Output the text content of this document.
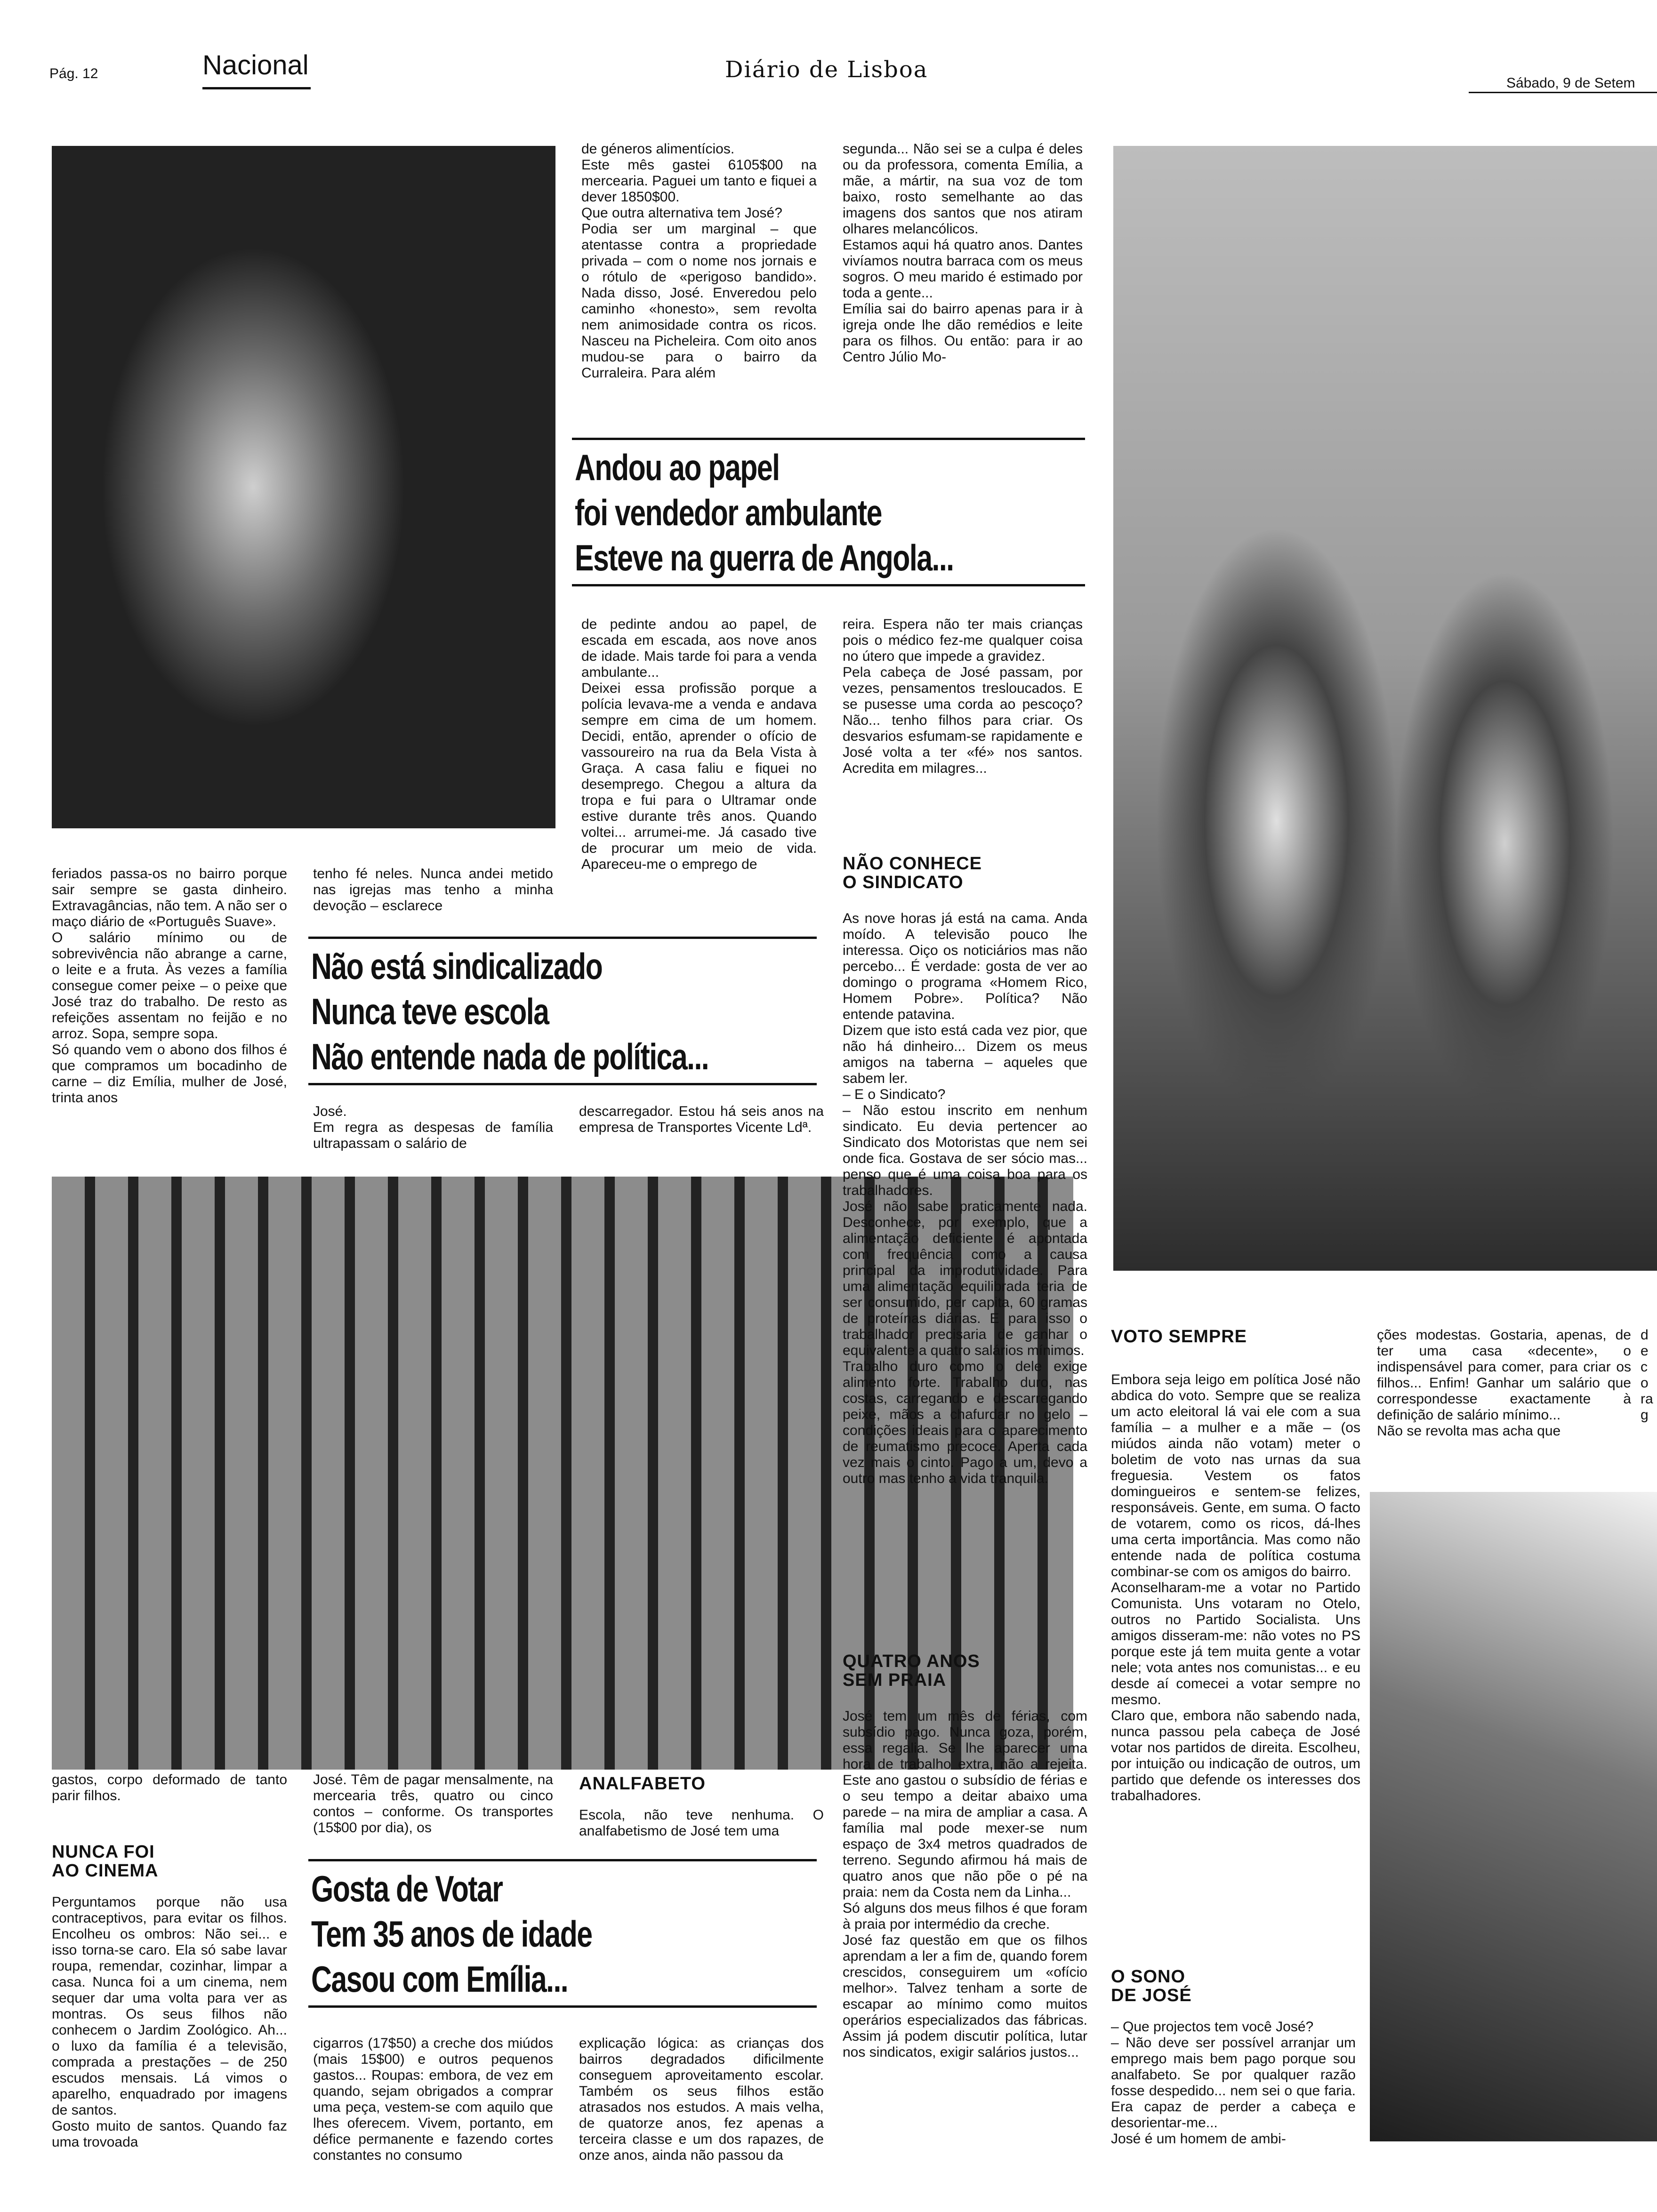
Pág. 12	Nacional	Diário de Lisboa
Sábado, 9 de Setem

de géneros alimentícios.
Este mês gastei 6105$00 na mercearia. Paguei um tanto e fiquei a dever 1850$00.
Que outra alternativa tem José?
Podia ser um marginal – que atentasse contra a propriedade privada – com o nome nos jornais e o rótulo de «perigoso bandido». Nada disso, José. Enveredou pelo caminho «honesto», sem revolta nem animosidade contra os ricos. Nasceu na Picheleira. Com oito anos mudou-se para o bairro da Curraleira. Para além

segunda... Não sei se a culpa é deles ou da professora, comenta Emília, a mãe, a mártir, na sua voz de tom baixo, rosto semelhante ao das imagens dos santos que nos atiram olhares melancólicos.
Estamos aqui há quatro anos. Dantes vivíamos noutra barraca com os meus sogros. O meu marido é estimado por toda a gente...
Emília sai do bairro apenas para ir à igreja onde lhe dão remédios e leite para os filhos. Ou então: para ir ao Centro Júlio Mo-

Andou ao papel
foi vendedor ambulante
Esteve na guerra de Angola...

de pedinte andou ao papel, de escada em escada, aos nove anos de idade. Mais tarde foi para a venda ambulante...
Deixei essa profissão porque a polícia levava-me a venda e andava sempre em cima de um homem. Decidi, então, aprender o ofício de vassoureiro na rua da Bela Vista à Graça. A casa faliu e fiquei no desemprego. Chegou a altura da tropa e fui para o Ultramar onde estive durante três anos. Quando voltei... arrumei-me. Já casado tive de procurar um meio de vida. Apareceu-me o emprego de

reira. Espera não ter mais crianças pois o médico fez-me qualquer coisa no útero que impede a gravidez.
Pela cabeça de José passam, por vezes, pensamentos tresloucados. E se pusesse uma corda ao pescoço? Não... tenho filhos para criar. Os desvarios esfumam-se rapidamente e José volta a ter «fé» nos santos. Acredita em milagres...

feriados passa-os no bairro porque sair sempre se gasta dinheiro. Extravagâncias, não tem. A não ser o maço diário de «Português Suave».
O salário mínimo ou de sobrevivência não abrange a carne, o leite e a fruta. Às vezes a família consegue comer peixe – o peixe que José traz do trabalho. De resto as refeições assentam no feijão e no arroz. Sopa, sempre sopa.
Só quando vem o abono dos filhos é que compramos um bocadinho de carne – diz Emília, mulher de José, trinta anos

tenho fé neles. Nunca andei metido nas igrejas mas tenho a minha devoção – esclarece

Não está sindicalizado
Nunca teve escola
Não entende nada de política...

José.
Em regra as despesas de família ultrapassam o salário de

descarregador. Estou há seis anos na empresa de Transportes Vicente Ldª.

NÃO CONHECE
O SINDICATO

As nove horas já está na cama. Anda moído. A televisão pouco lhe interessa. Oiço os noticiários mas não percebo... É verdade: gosta de ver ao domingo o programa «Homem Rico, Homem Pobre». Política? Não entende patavina.
Dizem que isto está cada vez pior, que não há dinheiro... Dizem os meus amigos na taberna – aqueles que sabem ler.
– E o Sindicato?
– Não estou inscrito em nenhum sindicato. Eu devia pertencer ao Sindicato dos Motoristas que nem sei onde fica. Gostava de ser sócio mas... penso que é uma coisa boa para os trabalhadores.
José não sabe praticamente nada. Desconhece, por exemplo, que a alimentação deficiente é apontada com frequência como a causa principal da improdutividade. Para uma alimentação equilibrada teria de ser consumido, per capita, 60 gramas de proteínas diárias. E para isso o trabalhador precisaria de ganhar o equivalente a quatro salários mínimos.
Trabalho duro como o dele exige alimento forte. Trabalho duro, nas costas, carregando e descarregando peixe, mãos a chafurdar no gelo – condições ideais para o aparecimento de reumatismo precoce. Aperta cada vez mais o cinto. Pago a um, devo a outro mas tenho a vida tranquila.

QUATRO ANOS
SEM PRAIA

José tem um mês de férias, com subsídio pago. Nunca goza, porém, essa regalia. Se lhe aparecer uma hora de trabalho extra, não a rejeita. Este ano gastou o subsídio de férias e o seu tempo a deitar abaixo uma parede – na mira de ampliar a casa. A família mal pode mexer-se num espaço de 3x4 metros quadrados de terreno. Segundo afirmou há mais de quatro anos que não põe o pé na praia: nem da Costa nem da Linha...
Só alguns dos meus filhos é que foram à praia por intermédio da creche.
José faz questão em que os filhos aprendam a ler a fim de, quando forem crescidos, conseguirem um «ofício melhor». Talvez tenham a sorte de escapar ao mínimo como muitos operários especializados das fábricas. Assim já podem discutir política, lutar nos sindicatos, exigir salários justos...

VOTO SEMPRE

Embora seja leigo em política José não abdica do voto. Sempre que se realiza um acto eleitoral lá vai ele com a sua família – a mulher e a mãe – (os miúdos ainda não votam) meter o boletim de voto nas urnas da sua freguesia. Vestem os fatos domingueiros e sentem-se felizes, responsáveis. Gente, em suma. O facto de votarem, como os ricos, dá-lhes uma certa importância. Mas como não entende nada de política costuma combinar-se com os amigos do bairro.
Aconselharam-me a votar no Partido Comunista. Uns votaram no Otelo, outros no Partido Socialista. Uns amigos disseram-me: não votes no PS porque este já tem muita gente a votar nele; vota antes nos comunistas... e eu desde aí comecei a votar sempre no mesmo.
Claro que, embora não sabendo nada, nunca passou pela cabeça de José votar nos partidos de direita. Escolheu, por intuição ou indicação de outros, um partido que defende os interesses dos trabalhadores.

ções modestas. Gostaria, apenas, de ter uma casa «decente», o indispensável para comer, para criar os filhos... Enfim! Ganhar um salário que correspondesse exactamente à definição de salário mínimo...
Não se revolta mas acha que

d
e
c
o
ra
g

O SONO
DE JOSÉ

– Que projectos tem você José?
– Não deve ser possível arranjar um emprego mais bem pago porque sou analfabeto. Se por qualquer razão fosse despedido... nem sei o que faria. Era capaz de perder a cabeça e desorientar-me...
José é um homem de ambi-

gastos, corpo deformado de tanto parir filhos.

José. Têm de pagar mensalmente, na mercearia três, quatro ou cinco contos – conforme. Os transportes (15$00 por dia), os

ANALFABETO

Escola, não teve nenhuma. O analfabetismo de José tem uma

Gosta de Votar
Tem 35 anos de idade
Casou com Emília...
NUNCA FOI
AO CINEMA

Perguntamos porque não usa contraceptivos, para evitar os filhos. Encolheu os ombros: Não sei... e isso torna-se caro. Ela só sabe lavar roupa, remendar, cozinhar, limpar a casa. Nunca foi a um cinema, nem sequer dar uma volta para ver as montras. Os seus filhos não conhecem o Jardim Zoológico. Ah... o luxo da família é a televisão, comprada a prestações – de 250 escudos mensais. Lá vimos o aparelho, enquadrado por imagens de santos.
Gosto muito de santos. Quando faz uma trovoada

cigarros (17$50) a creche dos miúdos (mais 15$00) e outros pequenos gastos... Roupas: embora, de vez em quando, sejam obrigados a comprar uma peça, vestem-se com aquilo que lhes oferecem. Vivem, portanto, em défice permanente e fazendo cortes constantes no consumo

explicação lógica: as crianças dos bairros degradados dificilmente conseguem aproveitamento escolar. Também os seus filhos estão atrasados nos estudos. A mais velha, de quatorze anos, fez apenas a terceira classe e um dos rapazes, de onze anos, ainda não passou da
